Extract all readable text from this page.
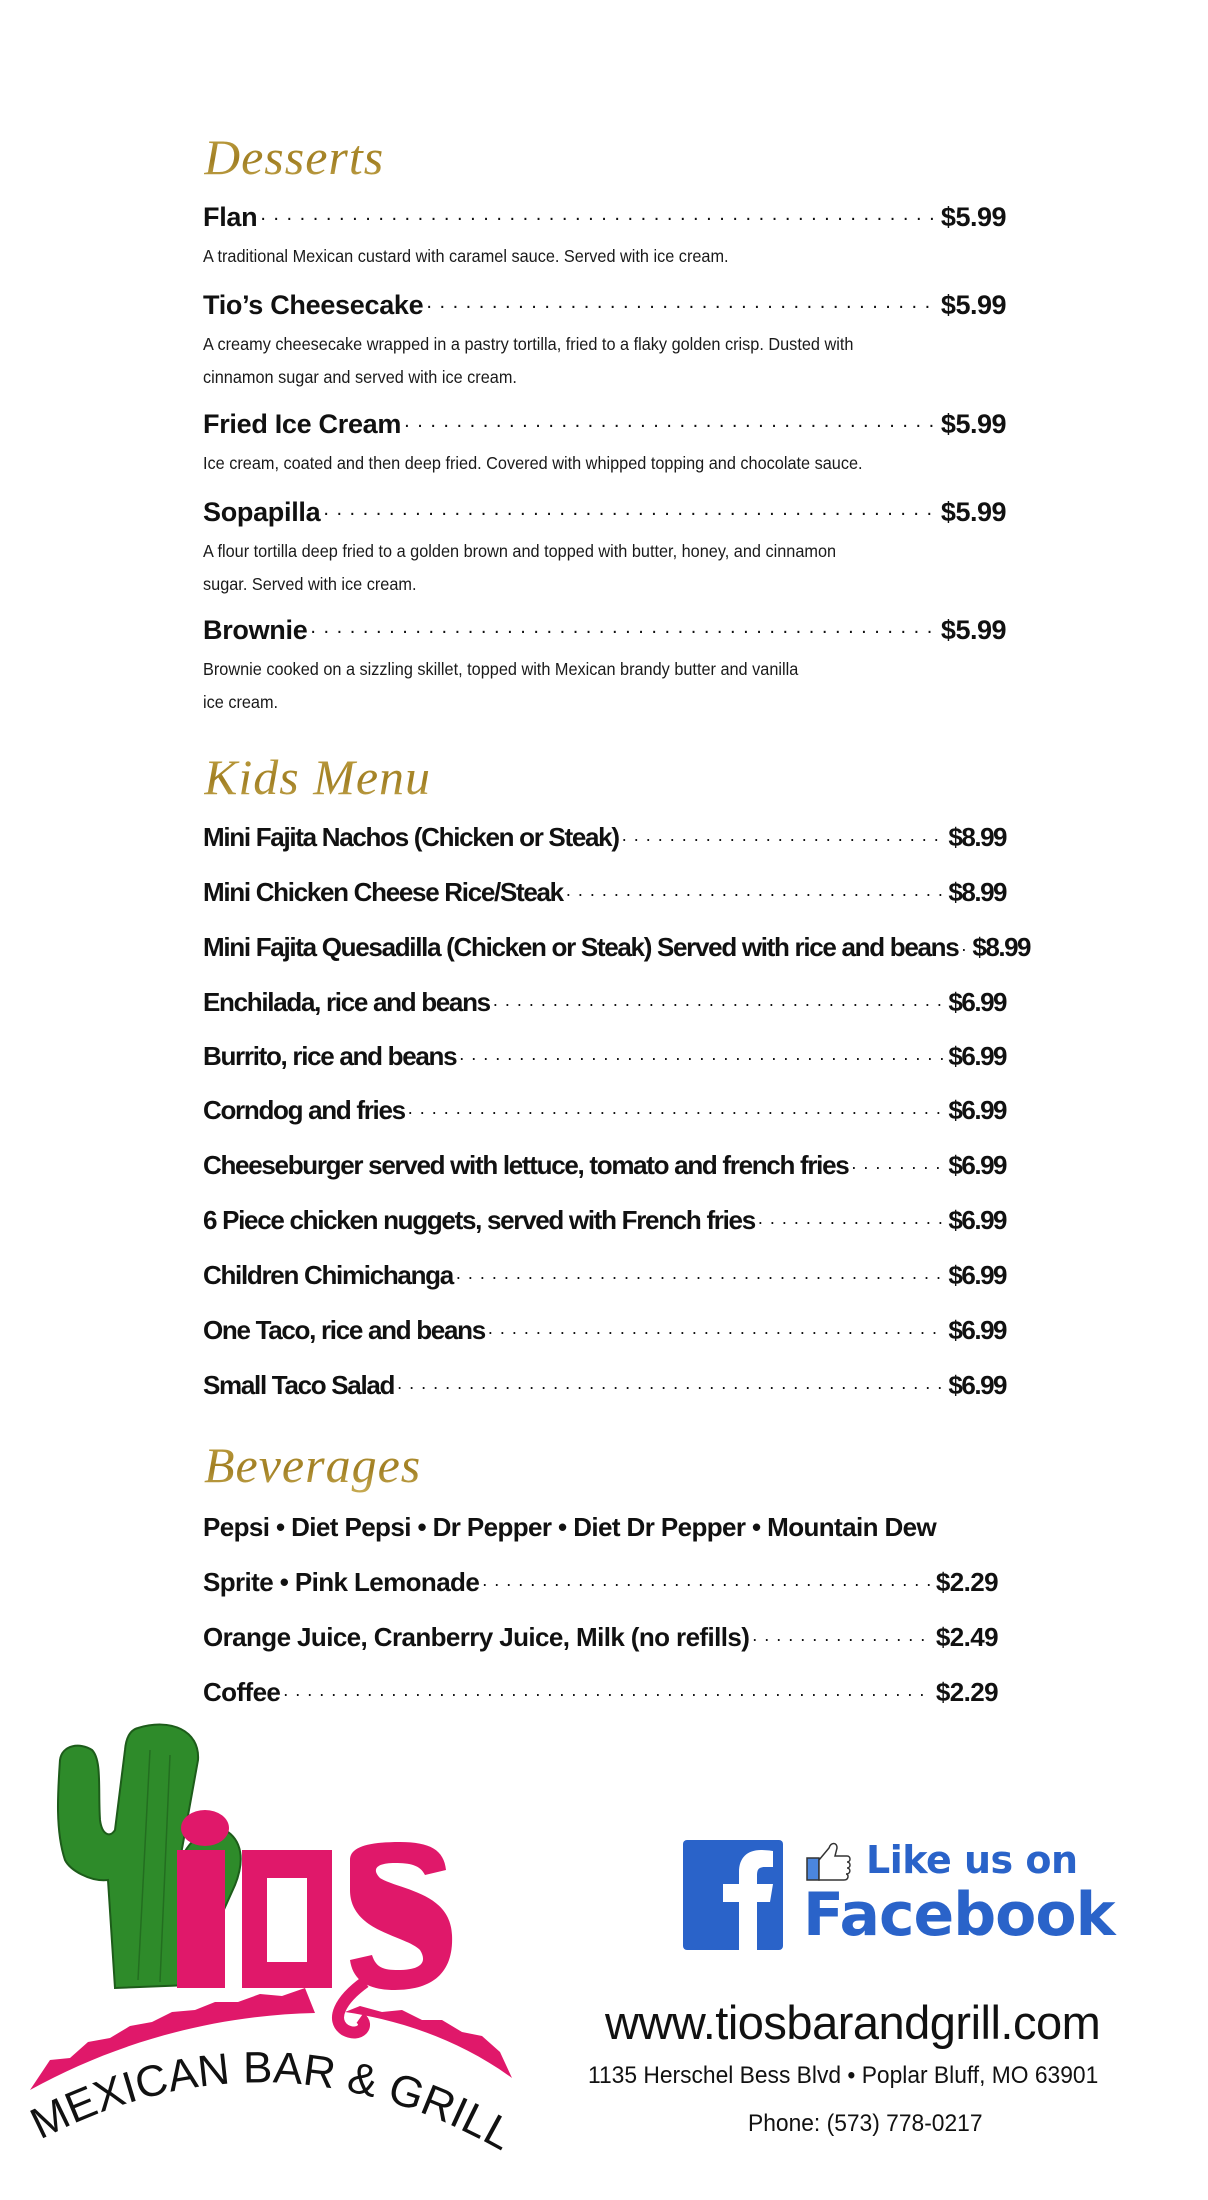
Desserts
Flan . . .	$5.99
A traditional Mexican custard with caramel sauce. Served with ice cream.
Tio’s Cheesecake . . .	$5.99
A creamy cheesecake wrapped in a pastry tortilla, fried to a flaky golden crisp. Dusted with
cinnamon sugar and served with ice cream.
Fried Ice Cream . . .	$5.99
Ice cream, coated and then deep fried. Covered with whipped topping and chocolate sauce.
Sopapilla . . .	$5.99
A flour tortilla deep fried to a golden brown and topped with butter, honey, and cinnamon
sugar. Served with ice cream.
Brownie . . .	$5.99
Brownie cooked on a sizzling skillet, topped with Mexican brandy butter and vanilla
ice cream.
Kids Menu
Mini Fajita Nachos (Chicken or Steak) . . .	$8.99
Mini Chicken Cheese Rice/Steak . . .	$8.99
Mini Fajita Quesadilla (Chicken or Steak) Served with rice and beans . . . $8.99
Enchilada, rice and beans . . .	$6.99
Burrito, rice and beans . . .	$6.99
Corndog and fries . . .	$6.99
Cheeseburger served with lettuce, tomato and french fries . . .	$6.99
6 Piece chicken nuggets, served with French fries . . .	$6.99
Children Chimichanga . . .	$6.99
One Taco, rice and beans . . .	$6.99
Small Taco Salad . . .	$6.99
Beverages
Pepsi • Diet Pepsi • Dr Pepper • Diet Dr Pepper • Mountain Dew
Sprite • Pink Lemonade . . .	$2.29
Orange Juice, Cranberry Juice, Milk (no refills) . . .	$2.49
Coffee . . .	$2.29
MEXICAN BAR & GRILL
Like us on
Facebook
www.tiosbarandgrill.com
1135 Herschel Bess Blvd • Poplar Bluff, MO 63901
Phone: (573) 778-0217
